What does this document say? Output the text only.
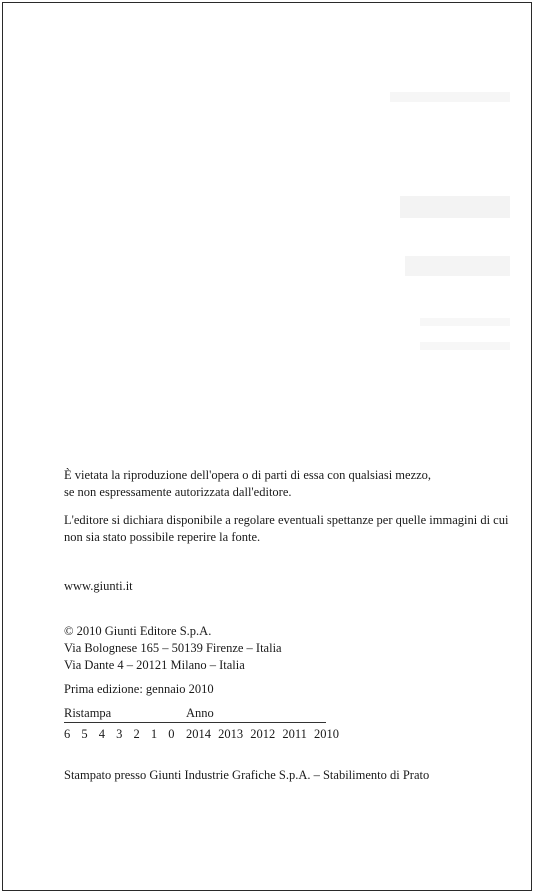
È vietata la riproduzione dell'opera o di parti di essa con qualsiasi mezzo,
se non espressamente autorizzata dall'editore.
L'editore si dichiara disponibile a regolare eventuali spettanze per quelle immagini di cui
non sia stato possibile reperire la fonte.
www.giunti.it
© 2010 Giunti Editore S.p.A.
Via Bolognese 165 – 50139 Firenze – Italia
Via Dante 4 – 20121 Milano – Italia
Prima edizione: gennaio 2010
Ristampa	Anno
6 5 4 3 2 1 0 2014 2013 2012 2011 2010
Stampato presso Giunti Industrie Grafiche S.p.A. – Stabilimento di Prato
